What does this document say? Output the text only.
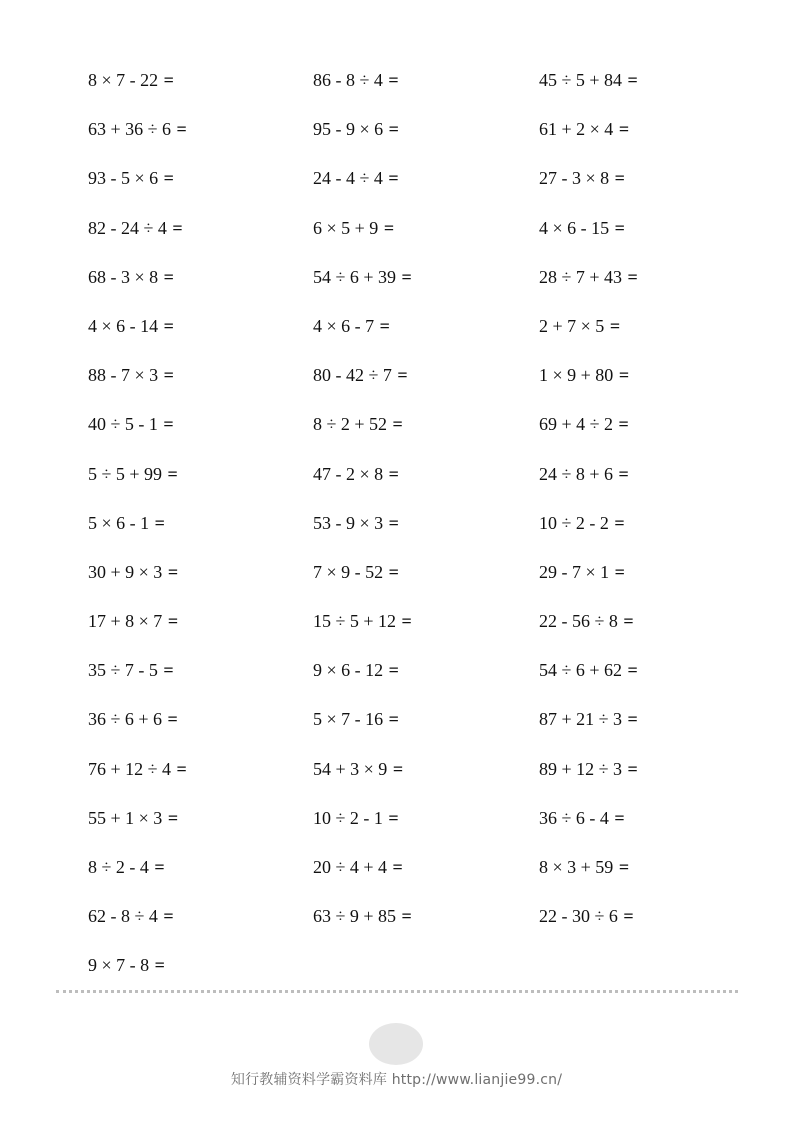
8 × 7 - 22 =	86 - 8 ÷ 4 =	45 ÷ 5 + 84 =
63 + 36 ÷ 6 =	95 - 9 × 6 =	61 + 2 × 4 =
93 - 5 × 6 =	24 - 4 ÷ 4 =	27 - 3 × 8 =
82 - 24 ÷ 4 =	6 × 5 + 9 =	4 × 6 - 15 =
68 - 3 × 8 =	54 ÷ 6 + 39 =	28 ÷ 7 + 43 =
4 × 6 - 14 =	4 × 6 - 7 =	2 + 7 × 5 =
88 - 7 × 3 =	80 - 42 ÷ 7 =	1 × 9 + 80 =
40 ÷ 5 - 1 =	8 ÷ 2 + 52 =	69 + 4 ÷ 2 =
5 ÷ 5 + 99 =	47 - 2 × 8 =	24 ÷ 8 + 6 =
5 × 6 - 1 =	53 - 9 × 3 =	10 ÷ 2 - 2 =
30 + 9 × 3 =	7 × 9 - 52 =	29 - 7 × 1 =
17 + 8 × 7 =	15 ÷ 5 + 12 =	22 - 56 ÷ 8 =
35 ÷ 7 - 5 =	9 × 6 - 12 =	54 ÷ 6 + 62 =
36 ÷ 6 + 6 =	5 × 7 - 16 =	87 + 21 ÷ 3 =
76 + 12 ÷ 4 =	54 + 3 × 9 =	89 + 12 ÷ 3 =
55 + 1 × 3 =	10 ÷ 2 - 1 =	36 ÷ 6 - 4 =
8 ÷ 2 - 4 =	20 ÷ 4 + 4 =	8 × 3 + 59 =
62 - 8 ÷ 4 =	63 ÷ 9 + 85 =	22 - 30 ÷ 6 =
9 × 7 - 8 =
知行教辅资料学霸资料库 http://www.lianjie99.cn/
